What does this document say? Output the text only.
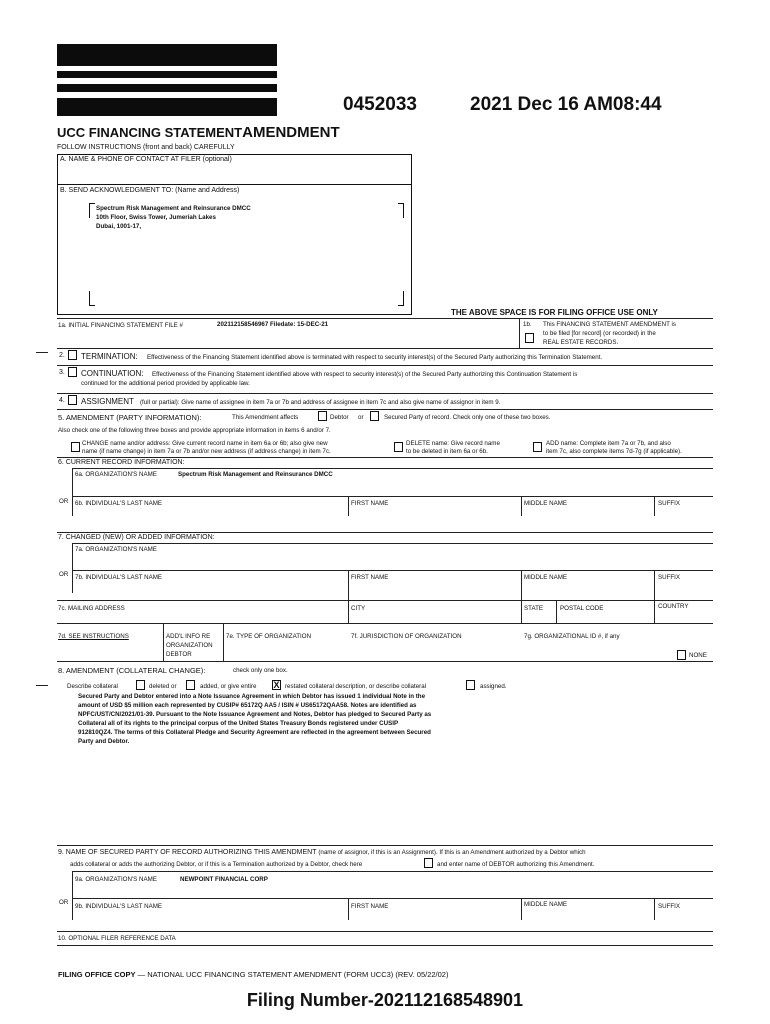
0452033	2021 Dec 16 AM08:44
UCC FINANCING STATEMENTAMENDMENT
FOLLOW INSTRUCTIONS (front and back) CAREFULLY
A. NAME & PHONE OF CONTACT AT FILER (optional)
B. SEND ACKNOWLEDGMENT TO: (Name and Address)
Spectrum Risk Management and Reinsurance DMCC
10th Floor, Swiss Tower, Jumeriah Lakes
Dubai, 1001-17,
THE ABOVE SPACE IS FOR FILING OFFICE USE ONLY
1a. INITIAL FINANCING STATEMENT FILE #	202112158546967 Filedate: 15-DEC-21	1b. This FINANCING STATEMENT AMENDMENT is
to be filed [for record] (or recorded) in the
REAL ESTATE RECORDS.
2. TERMINATION: Effectiveness of the Financing Statement identified above is terminated with respect to security interest(s) of the Secured Party authorizing this Termination Statement.
3. CONTINUATION: Effectiveness of the Financing Statement identified above with respect to security interest(s) of the Secured Party authorizing this Continuation Statement is
continued for the additional period provided by applicable law.
4. ASSIGNMENT (full or partial): Give name of assignee in item 7a or 7b and address of assignee in item 7c and also give name of assignor in item 9.
5. AMENDMENT (PARTY INFORMATION):	This Amendment affects	Debtor or	Secured Party of record. Check only one of these two boxes.
Also check one of the following three boxes and provide appropriate information in items 6 and/or 7.
CHANGE name and/or address: Give current record name in item 6a or 6b; also give new
name (if name change) in item 7a or 7b and/or new address (if address change) in item 7c.
DELETE name: Give record name
to be deleted in item 6a or 6b.
ADD name: Complete item 7a or 7b, and also
item 7c, also complete items 7d-7g (if applicable).
6. CURRENT RECORD INFORMATION:
6a. ORGANIZATION'S NAME	Spectrum Risk Management and Reinsurance DMCC
OR 6b. INDIVIDUAL'S LAST NAME	FIRST NAME	MIDDLE NAME	SUFFIX
7. CHANGED (NEW) OR ADDED INFORMATION:
7a. ORGANIZATION'S NAME
OR 7b. INDIVIDUAL'S LAST NAME	FIRST NAME	MIDDLE NAME	SUFFIX
7c. MAILING ADDRESS	CITY	STATE	POSTAL CODE	COUNTRY
7d. SEE INSTRUCTIONS	ADD'L INFO RE
ORGANIZATION
DEBTOR
7e. TYPE OF ORGANIZATION	7f. JURISDICTION OF ORGANIZATION	7g. ORGANIZATIONAL ID #, if any
NONE
8. AMENDMENT (COLLATERAL CHANGE):	check only one box.
Describe collateral	deleted or	added, or give entire X restated collateral description, or describe collateral	assigned.
Secured Party and Debtor entered into a Note Issuance Agreement in which Debtor has issued 1 individual Note in the
amount of USD $5 million each represented by CUSIP# 65172Q AA5 / ISIN # US65172QAA58. Notes are identified as
NPFC/UST/CN/2021/01-39. Pursuant to the Note Issuance Agreement and Notes, Debtor has pledged to Secured Party as
Collateral all of its rights to the principal corpus of the United States Treasury Bonds registered under CUSIP
912810QZ4. The terms of this Collateral Pledge and Security Agreement are reflected in the agreement between Secured
Party and Debtor.
9. NAME OF SECURED PARTY OF RECORD AUTHORIZING THIS AMENDMENT (name of assignor, if this is an Assignment). If this is an Amendment authorized by a Debtor which
adds collateral or adds the authorizing Debtor, or if this is a Termination authorized by a Debtor, check here	and enter name of DEBTOR authorizing this Amendment.
9a. ORGANIZATION'S NAME	NEWPOINT FINANCIAL CORP
OR
9b. INDIVIDUAL'S LAST NAME	FIRST NAME	MIDDLE NAME	SUFFIX
10. OPTIONAL FILER REFERENCE DATA
FILING OFFICE COPY — NATIONAL UCC FINANCING STATEMENT AMENDMENT (FORM UCC3) (REV. 05/22/02)
Filing Number-202112168548901
